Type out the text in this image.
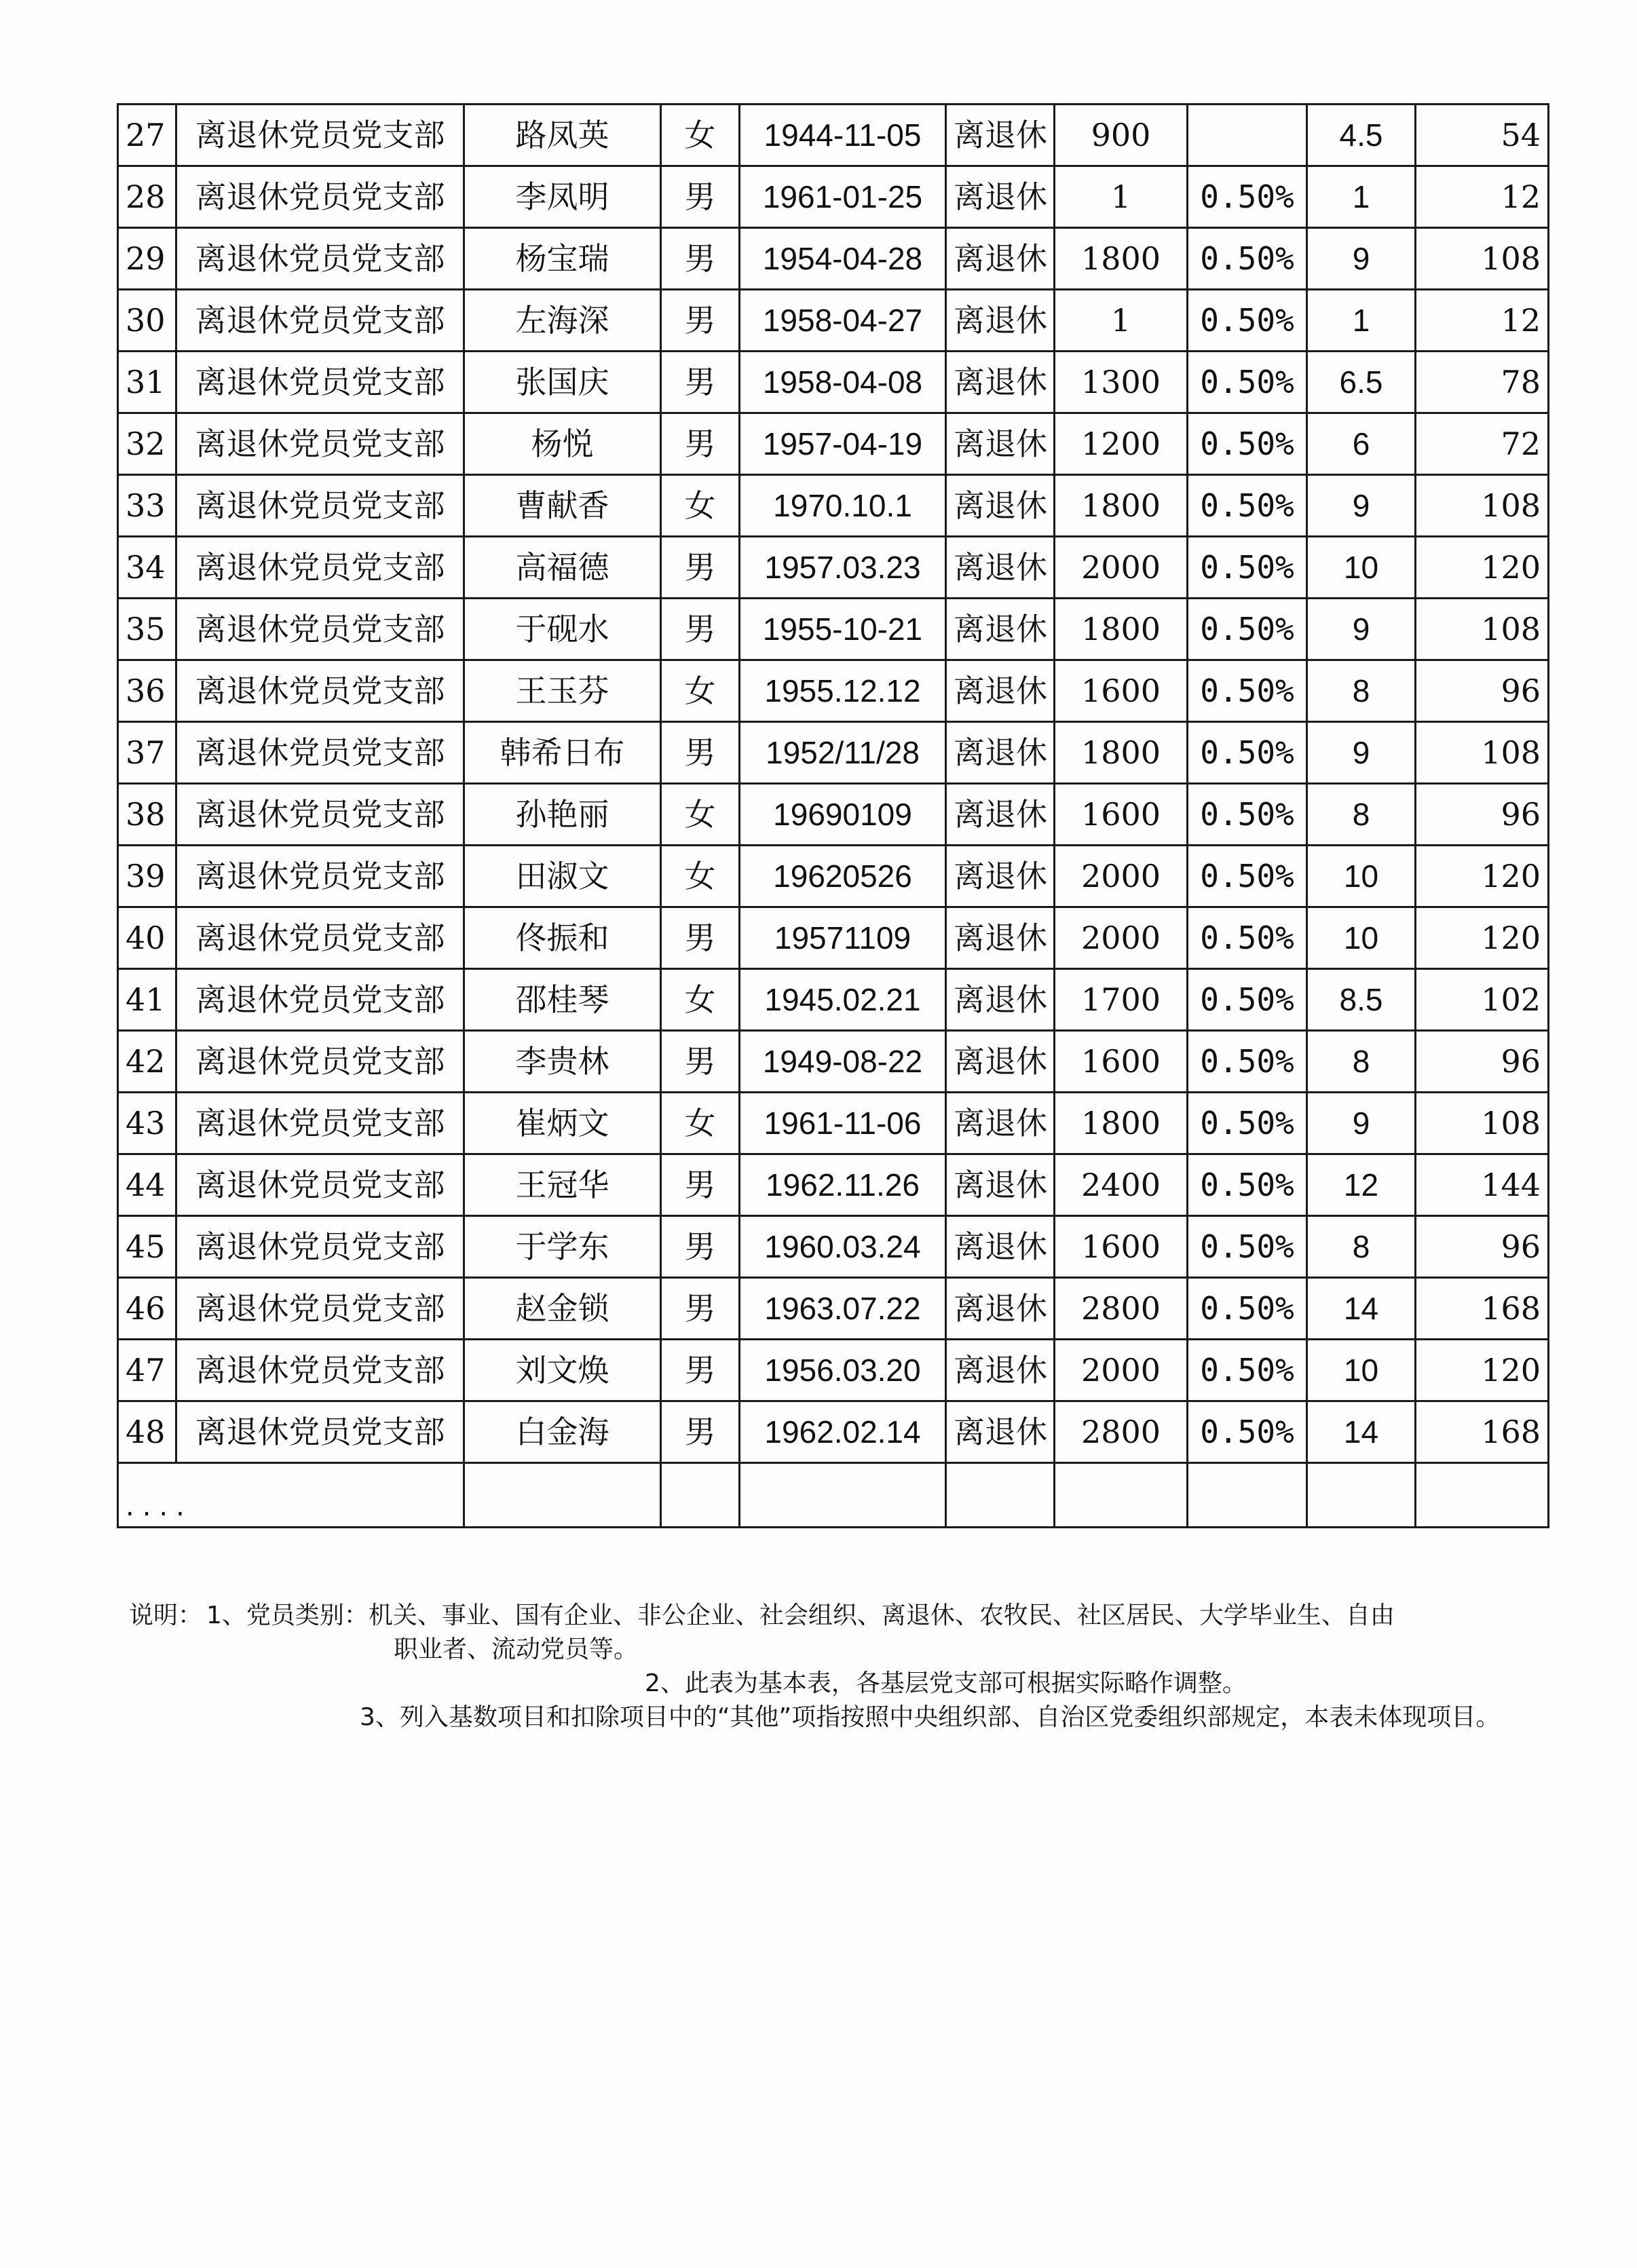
27	离退休党员党支部	路凤英	女	1944-11-05	离退休	900		4.5	54
28	离退休党员党支部	李凤明	男	1961-01-25	离退休	1	0.50%	1	12
29	离退休党员党支部	杨宝瑞	男	1954-04-28	离退休	1800	0.50%	9	108
30	离退休党员党支部	左海深	男	1958-04-27	离退休	1	0.50%	1	12
31	离退休党员党支部	张国庆	男	1958-04-08	离退休	1300	0.50%	6.5	78
32	离退休党员党支部	杨悦	男	1957-04-19	离退休	1200	0.50%	6	72
33	离退休党员党支部	曹献香	女	1970.10.1	离退休	1800	0.50%	9	108
34	离退休党员党支部	高福德	男	1957.03.23	离退休	2000	0.50%	10	120
35	离退休党员党支部	于砚水	男	1955-10-21	离退休	1800	0.50%	9	108
36	离退休党员党支部	王玉芬	女	1955.12.12	离退休	1600	0.50%	8	96
37	离退休党员党支部	韩希日布	男	1952/11/28	离退休	1800	0.50%	9	108
38	离退休党员党支部	孙艳丽	女	19690109	离退休	1600	0.50%	8	96
39	离退休党员党支部	田淑文	女	19620526	离退休	2000	0.50%	10	120
40	离退休党员党支部	佟振和	男	19571109	离退休	2000	0.50%	10	120
41	离退休党员党支部	邵桂琴	女	1945.02.21	离退休	1700	0.50%	8.5	102
42	离退休党员党支部	李贵林	男	1949-08-22	离退休	1600	0.50%	8	96
43	离退休党员党支部	崔炳文	女	1961-11-06	离退休	1800	0.50%	9	108
44	离退休党员党支部	王冠华	男	1962.11.26	离退休	2400	0.50%	12	144
45	离退休党员党支部	于学东	男	1960.03.24	离退休	1600	0.50%	8	96
46	离退休党员党支部	赵金锁	男	1963.07.22	离退休	2800	0.50%	14	168
47	离退休党员党支部	刘文焕	男	1956.03.20	离退休	2000	0.50%	10	120
48	离退休党员党支部	白金海	男	1962.02.14	离退休	2800	0.50%	14	168
....									
说明： 1、党员类别：机关、事业、国有企业、非公企业、社会组织、离退休、农牧民、社区居民、大学毕业生、自由
职业者、流动党员等。
2、此表为基本表，各基层党支部可根据实际略作调整。
3、列入基数项目和扣除项目中的“其他”项指按照中央组织部、自治区党委组织部规定，本表未体现项目。
